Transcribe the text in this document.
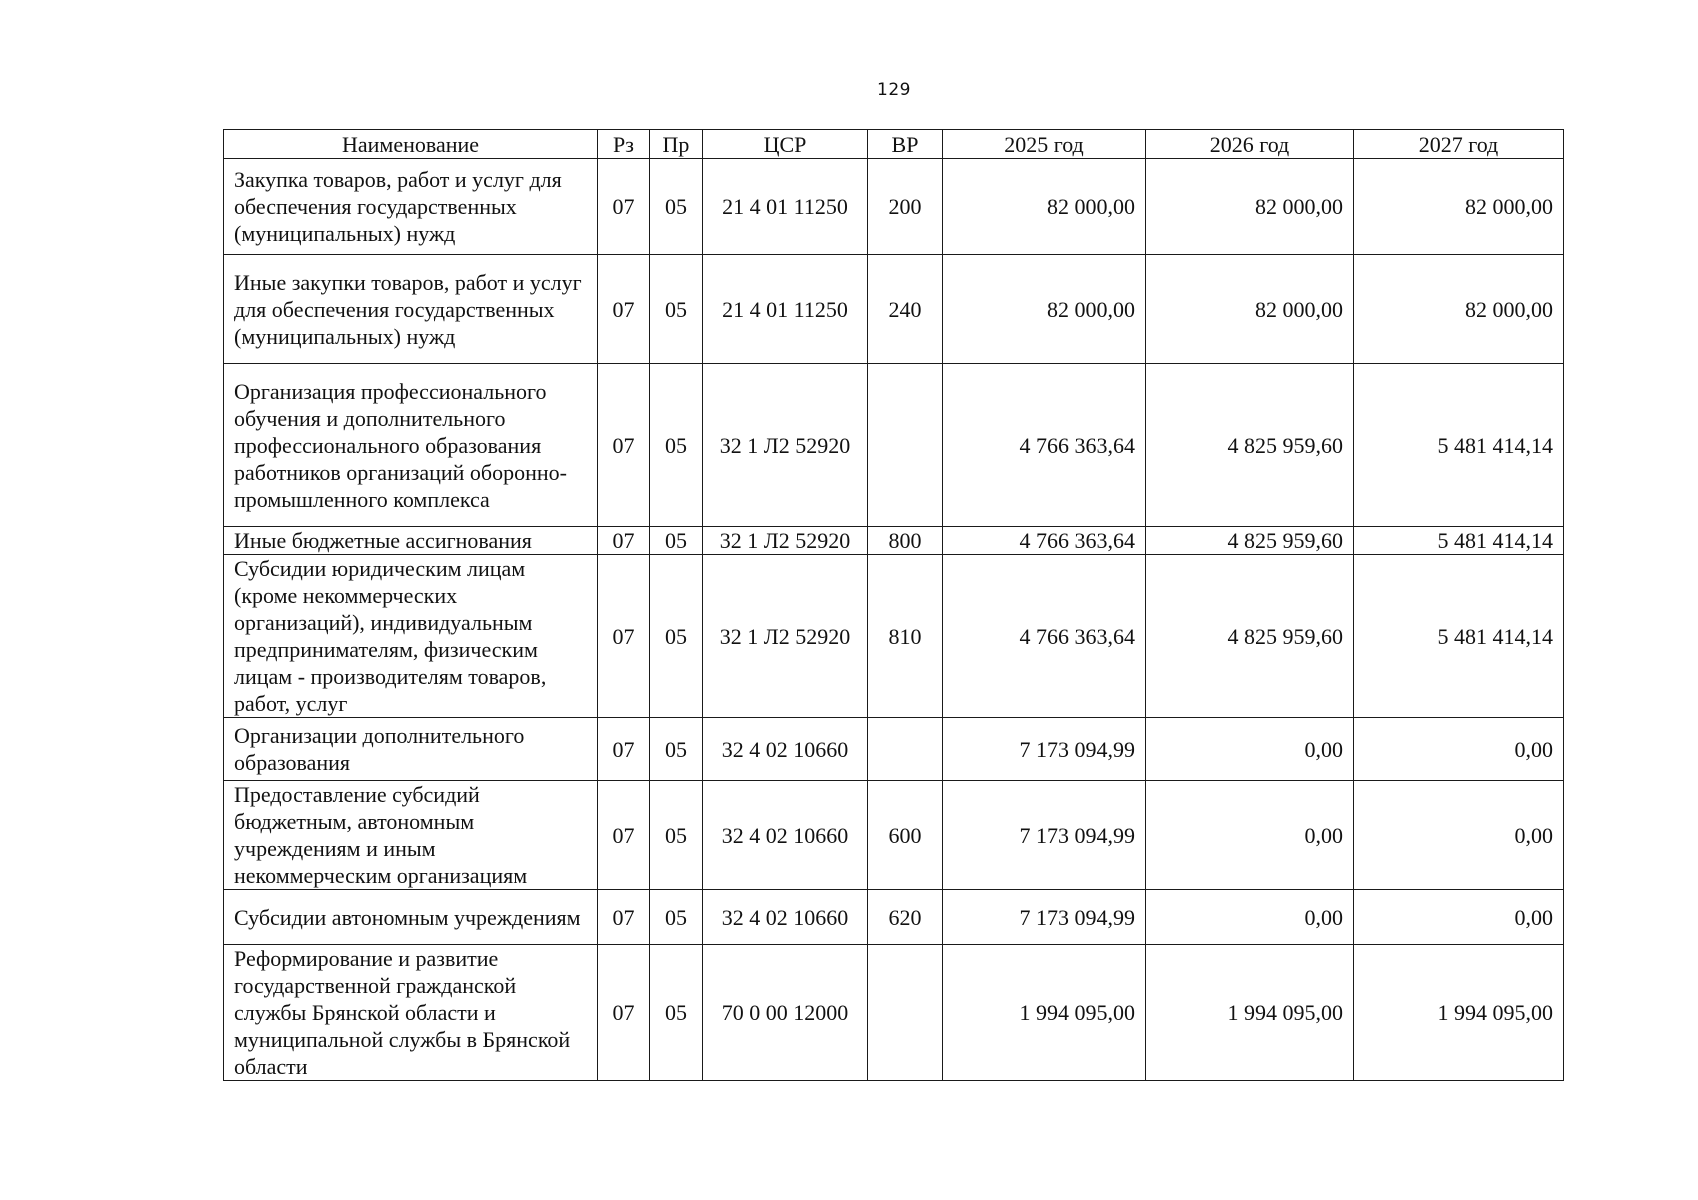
129
Наименование	Рз	Пр	ЦСР	ВР	2025 год	2026 год	2027 год
Закупка товаров, работ и услуг для обеспечения государственных (муниципальных) нужд	07	05	21 4 01 11250	200	82 000,00	82 000,00	82 000,00
Иные закупки товаров, работ и услуг для обеспечения государственных (муниципальных) нужд	07	05	21 4 01 11250	240	82 000,00	82 000,00	82 000,00
Организация профессионального обучения и дополнительного профессионального образования работников организаций оборонно-промышленного комплекса	07	05	32 1 Л2 52920		4 766 363,64	4 825 959,60	5 481 414,14
Иные бюджетные ассигнования	07	05	32 1 Л2 52920	800	4 766 363,64	4 825 959,60	5 481 414,14
Субсидии юридическим лицам (кроме некоммерческих организаций), индивидуальным предпринимателям, физическим лицам - производителям товаров, работ, услуг	07	05	32 1 Л2 52920	810	4 766 363,64	4 825 959,60	5 481 414,14
Организации дополнительного образования	07	05	32 4 02 10660		7 173 094,99	0,00	0,00
Предоставление субсидий бюджетным, автономным учреждениям и иным некоммерческим организациям	07	05	32 4 02 10660	600	7 173 094,99	0,00	0,00
Субсидии автономным учреждениям	07	05	32 4 02 10660	620	7 173 094,99	0,00	0,00
Реформирование и развитие государственной гражданской службы Брянской области и муниципальной службы в Брянской области	07	05	70 0 00 12000		1 994 095,00	1 994 095,00	1 994 095,00
